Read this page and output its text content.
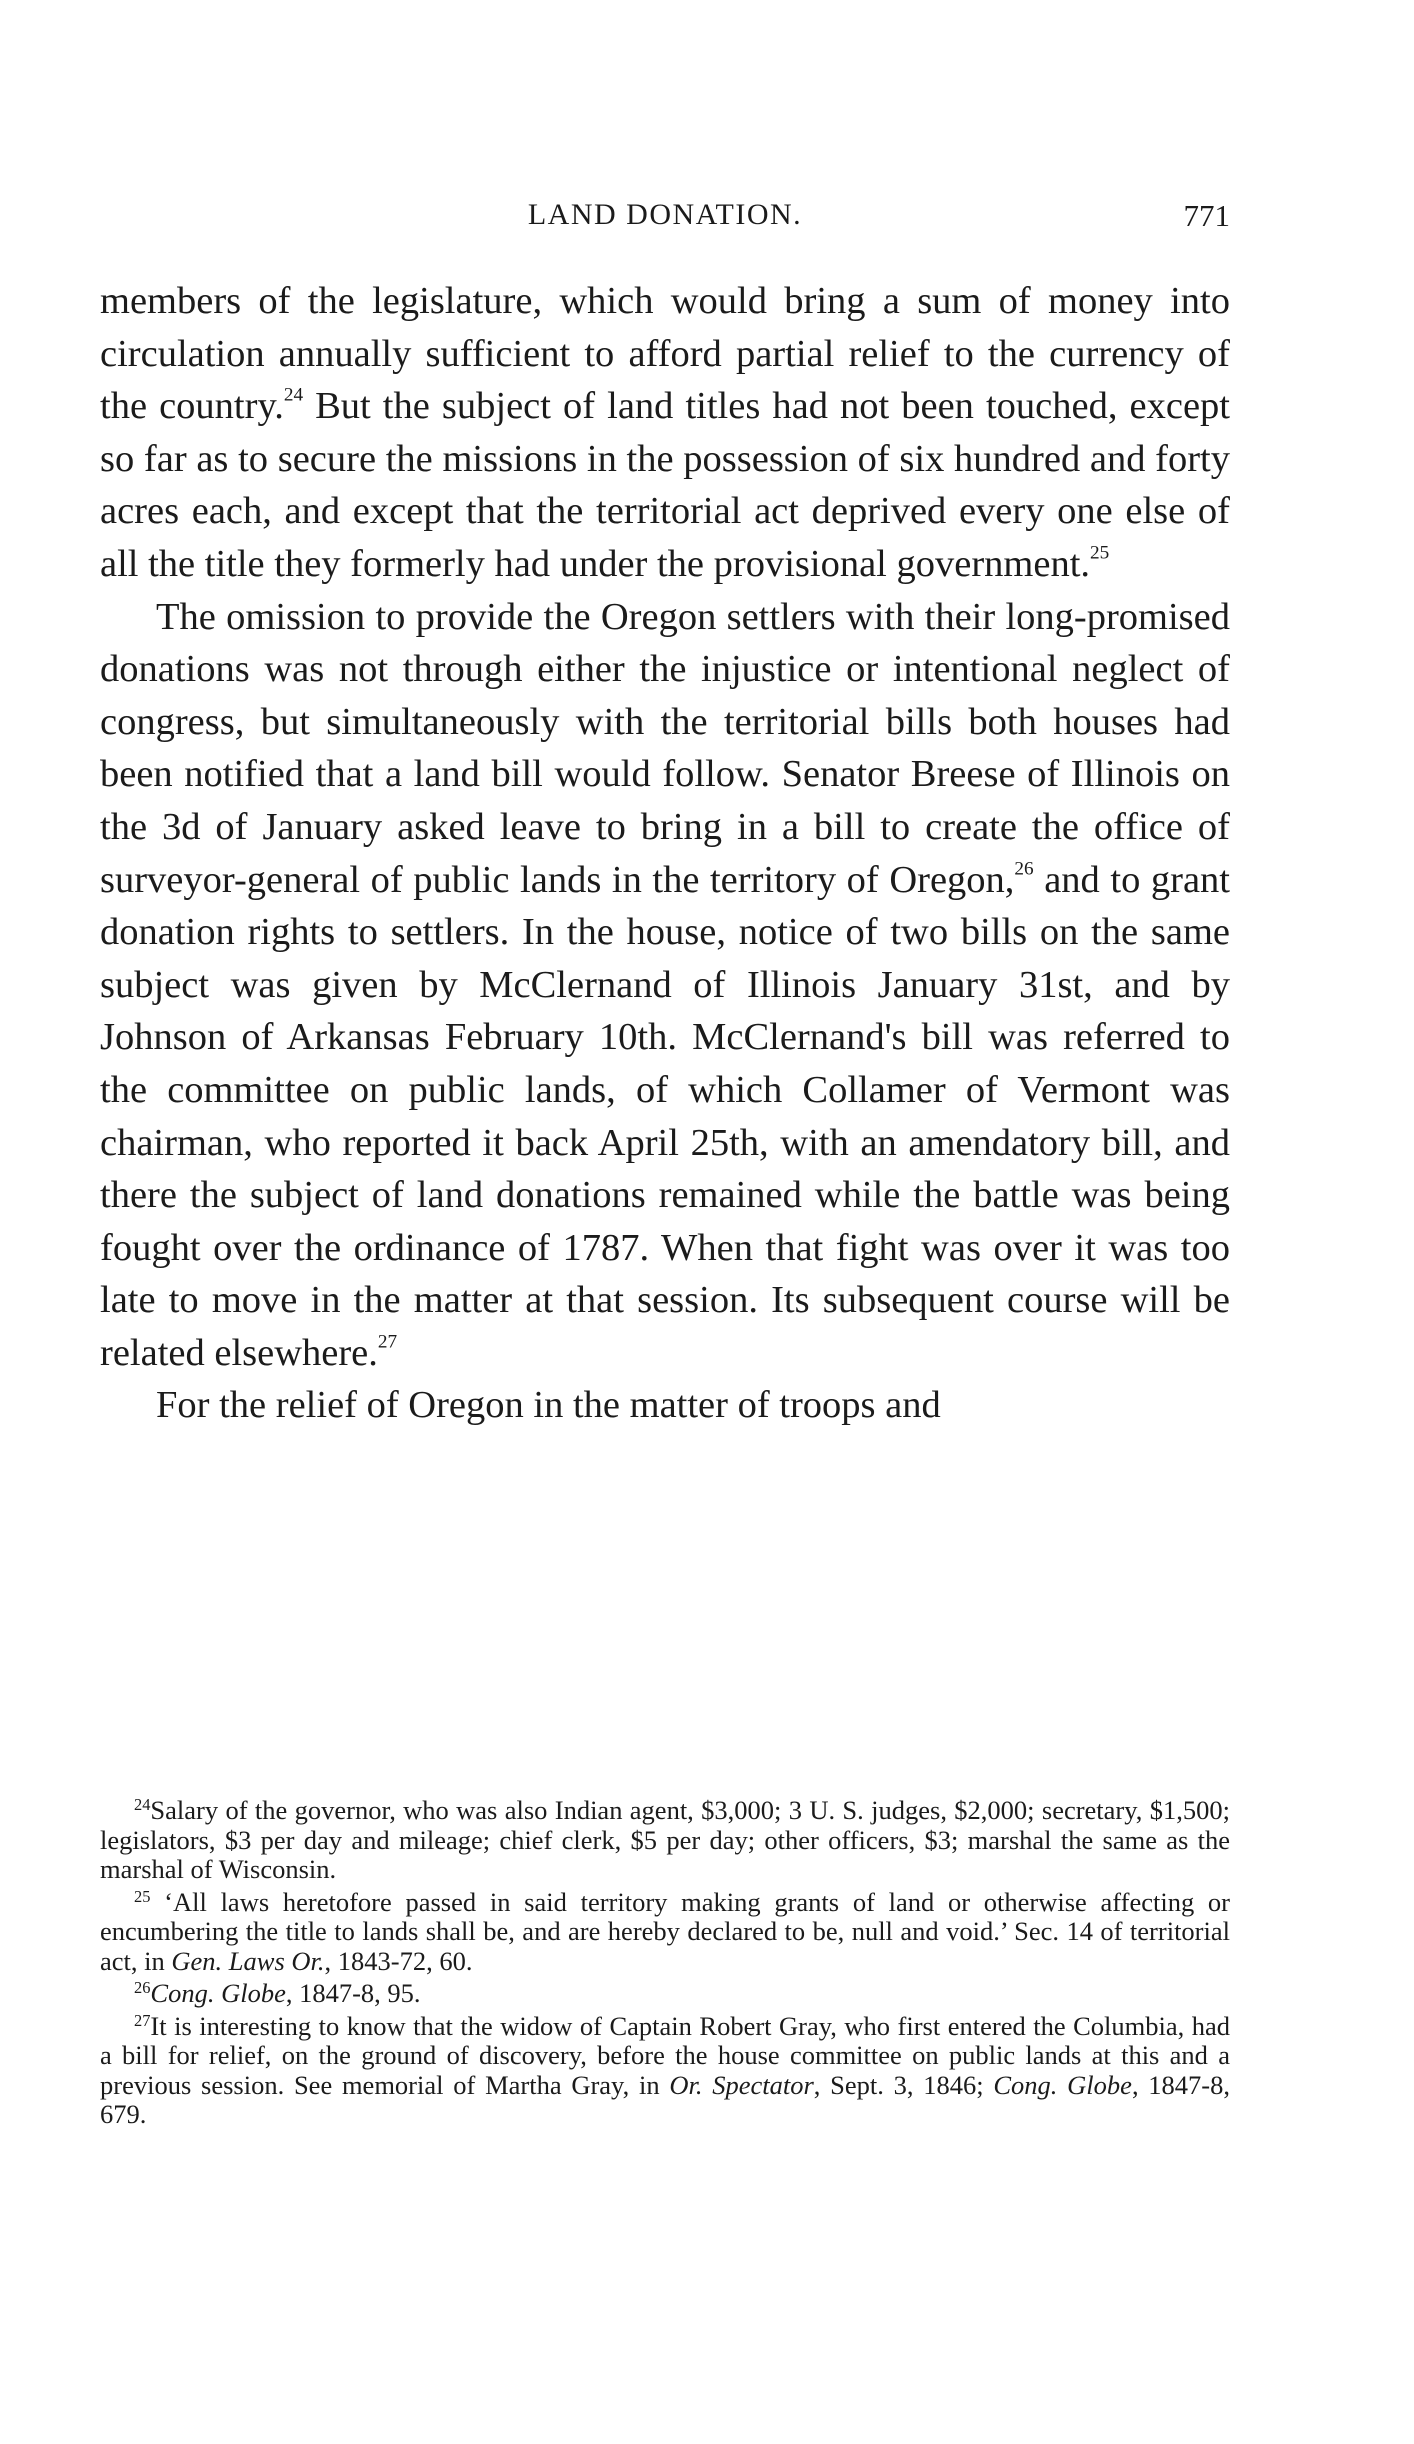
LAND DONATION.	771

members of the legislature, which would bring a sum of money into circulation annually sufficient to afford partial relief to the currency of the country.$^{24}$ But the subject of land titles had not been touched, except so far as to secure the missions in the possession of six hundred and forty acres each, and except that the territorial act deprived every one else of all the title they formerly had under the provisional government.$^{25}$

The omission to provide the Oregon settlers with their long-promised donations was not through either the injustice or intentional neglect of congress, but simultaneously with the territorial bills both houses had been notified that a land bill would follow. Senator Breese of Illinois on the 3d of January asked leave to bring in a bill to create the office of surveyor-general of public lands in the territory of Oregon,$^{26}$ and to grant donation rights to settlers. In the house, notice of two bills on the same subject was given by McClernand of Illinois January 31st, and by Johnson of Arkansas February 10th. McClernand's bill was referred to the committee on public lands, of which Collamer of Vermont was chairman, who reported it back April 25th, with an amendatory bill, and there the subject of land donations remained while the battle was being fought over the ordinance of 1787. When that fight was over it was too late to move in the matter at that session. Its subsequent course will be related elsewhere.$^{27}$

For the relief of Oregon in the matter of troops and

$^{24}$Salary of the governor, who was also Indian agent, $3,000; 3 U. S. judges, $2,000; secretary, $1,500; legislators, $3 per day and mileage; chief clerk, $5 per day; other officers, $3; marshal the same as the marshal of Wisconsin.

$^{25}$ ‘All laws heretofore passed in said territory making grants of land or otherwise affecting or encumbering the title to lands shall be, and are hereby declared to be, null and void.’ Sec. 14 of territorial act, in Gen. Laws Or., 1843-72, 60.

$^{26}$Cong. Globe, 1847-8, 95.

$^{27}$It is interesting to know that the widow of Captain Robert Gray, who first entered the Columbia, had a bill for relief, on the ground of discovery, before the house committee on public lands at this and a previous session. See memorial of Martha Gray, in Or. Spectator, Sept. 3, 1846; Cong. Globe, 1847-8, 679.
